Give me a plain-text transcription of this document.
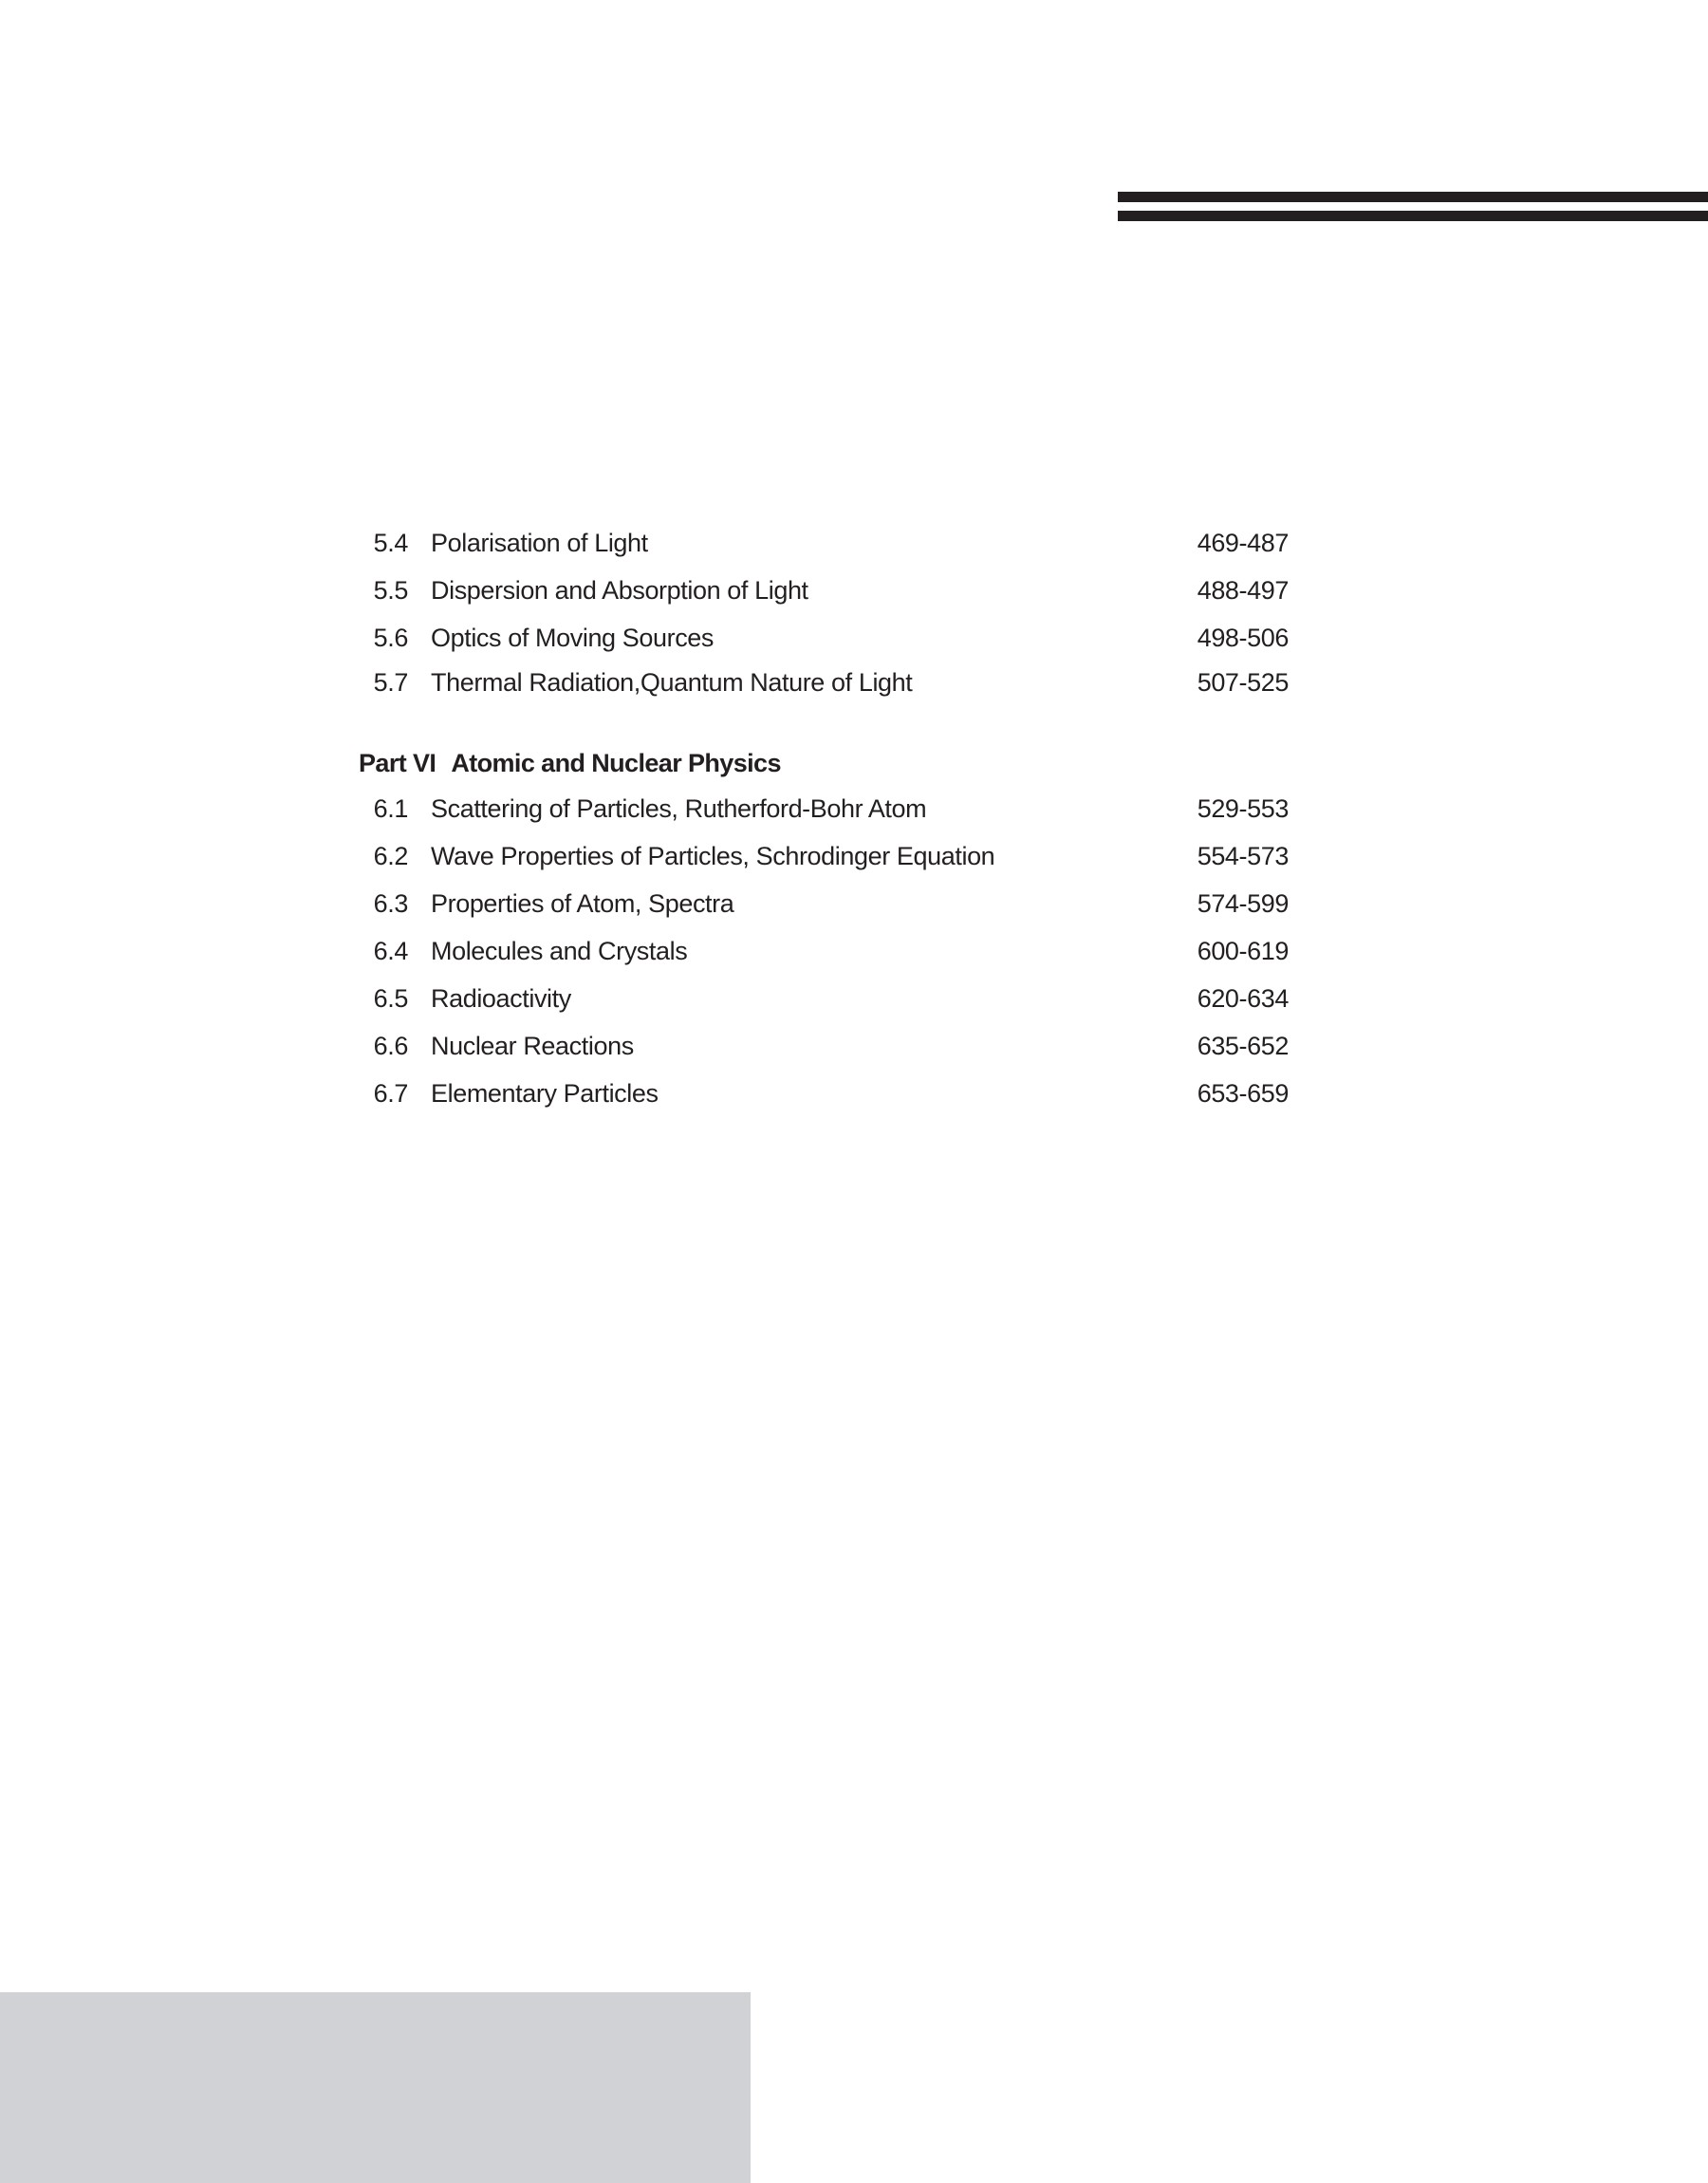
5.4 Polarisation of Light	469-487
5.5 Dispersion and Absorption of Light	488-497
5.6 Optics of Moving Sources	498-506
5.7 Thermal Radiation,Quantum Nature of Light	507-525
Part VI Atomic and Nuclear Physics
6.1 Scattering of Particles, Rutherford-Bohr Atom	529-553
6.2 Wave Properties of Particles, Schrodinger Equation	554-573
6.3 Properties of Atom, Spectra	574-599
6.4 Molecules and Crystals	600-619
6.5 Radioactivity	620-634
6.6 Nuclear Reactions	635-652
6.7 Elementary Particles	653-659
